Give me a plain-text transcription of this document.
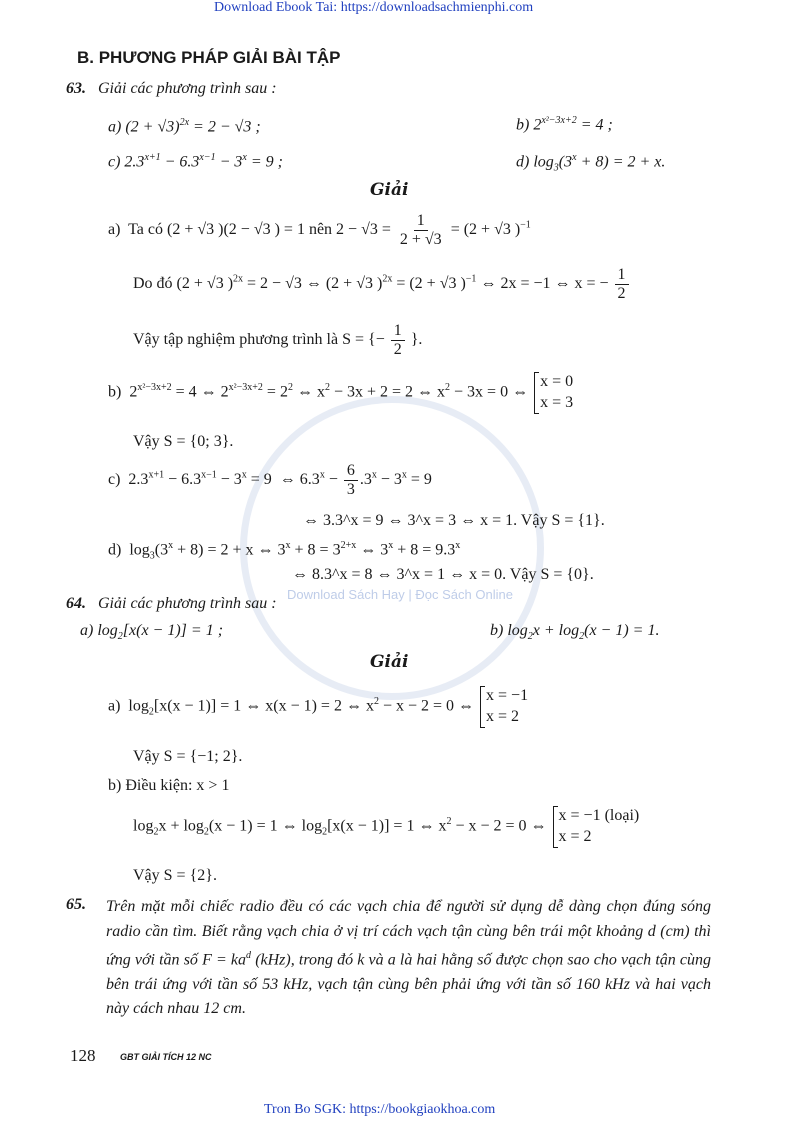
Download Sách Hay | Đọc Sách Online
Download Ebook Tai: https://downloadsachmienphi.com
B. PHƯƠNG PHÁP GIẢI BÀI TẬP
63. Giải các phương trình sau :
a) $(2 + √3)^{2x} = 2 - √3$ ;	b) $2^{x^2-3x+2} = 4$ ;
c) $2.3^{x+1} - 6.3^{x-1} - 3^x = 9$ ;	d) $\log_3(3^x + 8) = 2 + x$.
Giải
a)  Ta có (2 + √3 )(2 − √3 ) = 1 nên $2 - √3 = \frac{1}{2 + √3} = (2 + √3$ )$^{-1}$
Do đó (2 + √3 )$^{2x}$ = 2 − √3 ⇔ (2 + √3 )$^{2x}$ = (2 + √3 )$^{-1}$ ⇔ 2x = −1 ⇔ x = − $\frac{1}{2}$
Vậy tập nghiệm phương trình là S = {− $\frac{1}{2}$ }.
b)  $2^{x^2-3x+2} = 4$ ⇔ $2^{x^2-3x+2} = 2^2$ ⇔ $x^2 - 3x + 2 = 2$ ⇔ $x^2 - 3x = 0$ ⇔ x = 0
x = 3
Vậy S = {0; 3}.
c)  $2.3^{x+1} - 6.3^{x-1} - 3^x = 9$  ⇔ $6.3^x - \frac{6}{3} .3^x - 3^x = 9$
⇔ 3.3^x = 9 ⇔ 3^x = 3 ⇔ x = 1. Vậy S = {1}.
d)  $\log_3(3^x + 8) = 2 + x$ ⇔ $3^x + 8 = 3^{2+x}$ ⇔ $3^x + 8 = 9.3^x$
⇔ 8.3^x = 8 ⇔ 3^x = 1 ⇔ x = 0. Vậy S = {0}.
64. Giải các phương trình sau :
a) $\log_2[x(x - 1)] = 1$ ;	b) $\log_2x + \log_2(x - 1) = 1$.
Giải
a)  $\log_2[x(x - 1)] = 1$ ⇔ x(x − 1) = 2 ⇔ $x^2 - x - 2 = 0$ ⇔ x = −1
x = 2
Vậy S = {−1; 2}.
b) Điều kiện: x > 1
$\log_2x + \log_2(x - 1) = 1$ ⇔ $\log_2[x(x - 1)] = 1$ ⇔ $x^2 - x - 2 = 0$ ⇔ x = −1 (loại)
x = 2
Vậy S = {2}.
65. Trên mặt mỗi chiếc radio đều có các vạch chia để người sử dụng dễ dàng chọn đúng sóng radio cần tìm. Biết rằng vạch chia ở vị trí cách vạch tận cùng bên trái một khoảng d (cm) thì ứng với tần số $F = ka^d$ (kHz), trong đó k và a là hai hằng số được chọn sao cho vạch tận cùng bên trái ứng với tần số 53 kHz, vạch tận cùng bên phải ứng với tần số 160 kHz và hai vạch này cách nhau 12 cm.
128	GBT GIẢI TÍCH 12 NC
Tron Bo SGK: https://bookgiaokhoa.com
